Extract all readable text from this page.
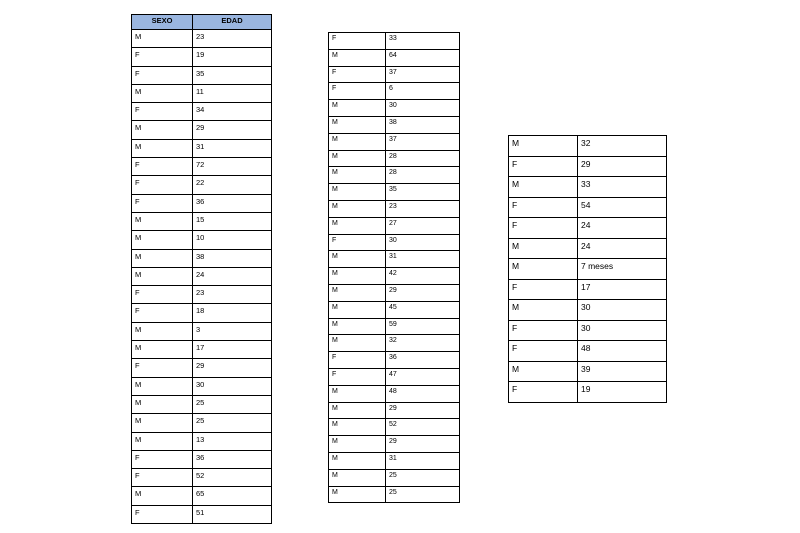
SEXO	EDAD
M	23
F	19
F	35
M	11
F	34
M	29
M	31
F	72
F	22
F	36
M	15
M	10
M	38
M	24
F	23
F	18
M	3
M	17
F	29
M	30
M	25
M	25
M	13
F	36
F	52
M	65
F	51
F	33
M	64
F	37
F	6
M	30
M	38
M	37
M	28
M	28
M	35
M	23
M	27
F	30
M	31
M	42
M	29
M	45
M	59
M	32
F	36
F	47
M	48
M	29
M	52
M	29
M	31
M	25
M	25
M	32
F	29
M	33
F	54
F	24
M	24
M	7 meses
F	17
M	30
F	30
F	48
M	39
F	19
